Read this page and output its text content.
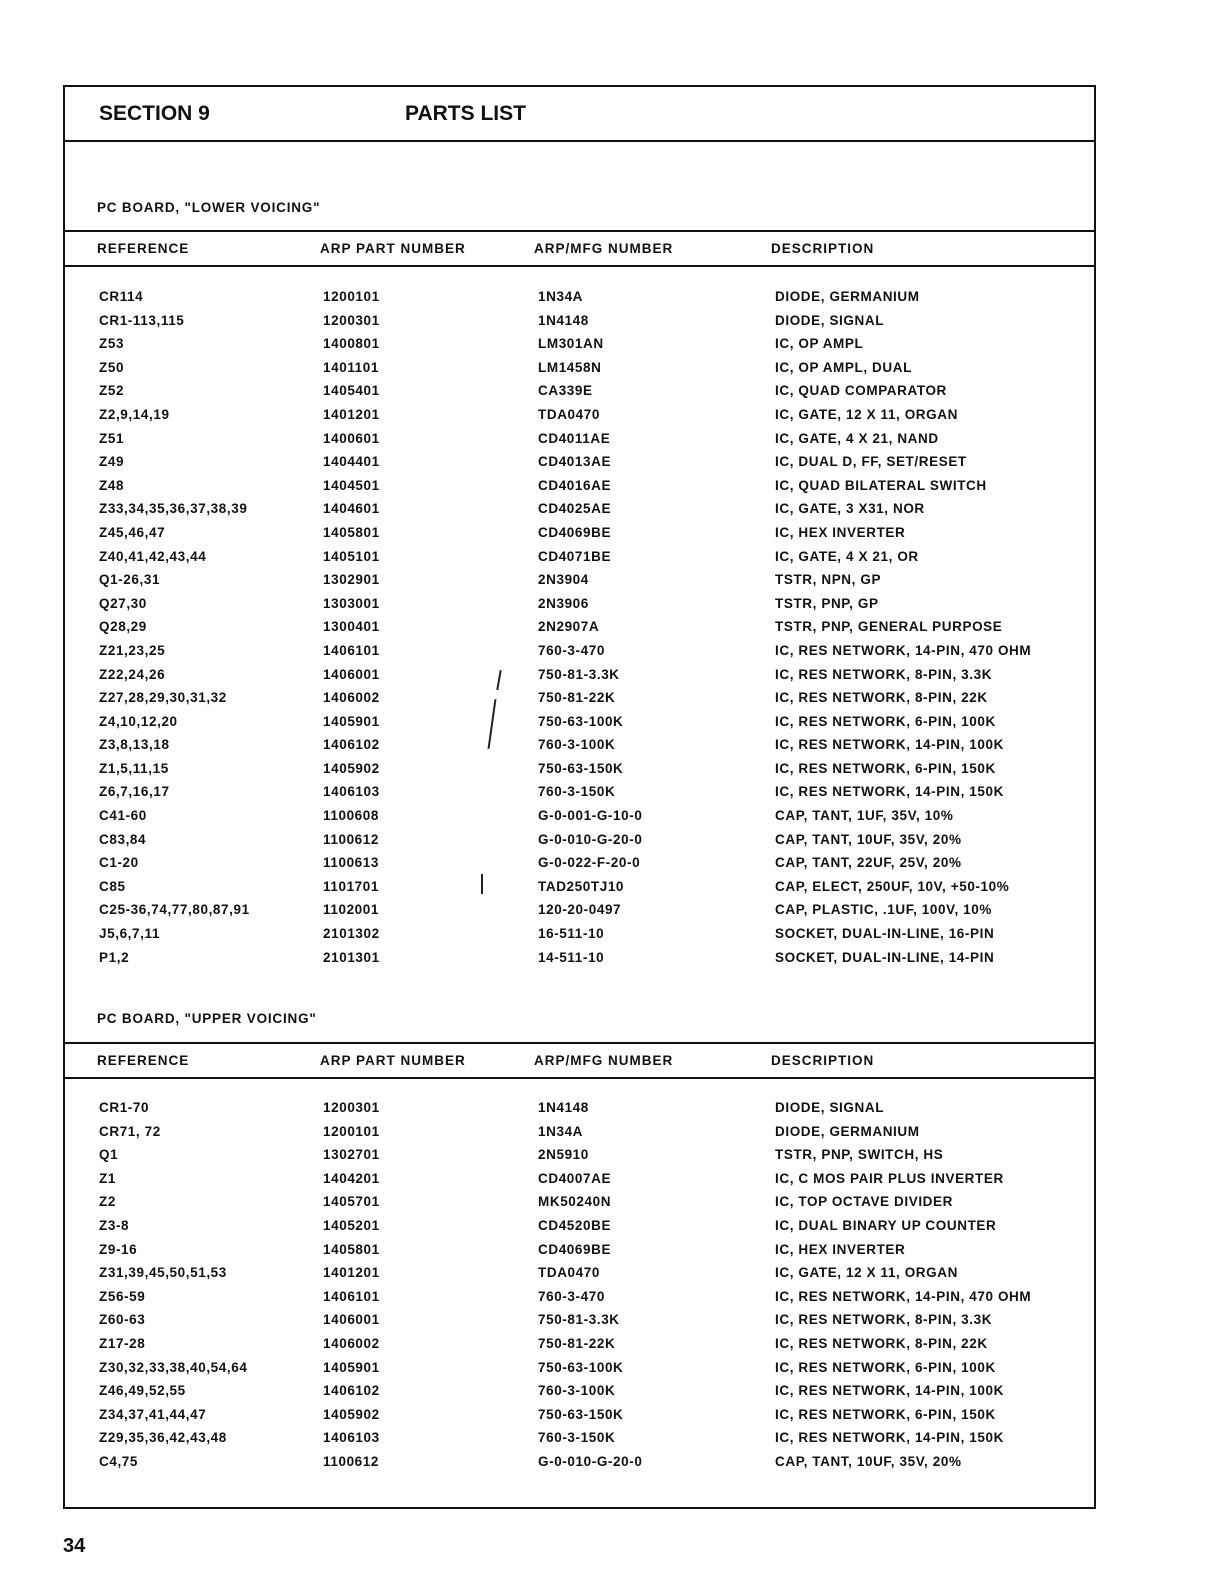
SECTION 9	PARTS LIST
PC BOARD, "LOWER VOICING"
REFERENCE	ARP PART NUMBER	ARP/MFG NUMBER	DESCRIPTION
CR114	1200101	1N34A	DIODE, GERMANIUM
CR1-113,115	1200301	1N4148	DIODE, SIGNAL
Z53	1400801	LM301AN	IC, OP AMPL
Z50	1401101	LM1458N	IC, OP AMPL, DUAL
Z52	1405401	CA339E	IC, QUAD COMPARATOR
Z2,9,14,19	1401201	TDA0470	IC, GATE, 12 X 11, ORGAN
Z51	1400601	CD4011AE	IC, GATE, 4 X 21, NAND
Z49	1404401	CD4013AE	IC, DUAL D, FF, SET/RESET
Z48	1404501	CD4016AE	IC, QUAD BILATERAL SWITCH
Z33,34,35,36,37,38,39	1404601	CD4025AE	IC, GATE, 3 X31, NOR
Z45,46,47	1405801	CD4069BE	IC, HEX INVERTER
Z40,41,42,43,44	1405101	CD4071BE	IC, GATE, 4 X 21, OR
Q1-26,31	1302901	2N3904	TSTR, NPN, GP
Q27,30	1303001	2N3906	TSTR, PNP, GP
Q28,29	1300401	2N2907A	TSTR, PNP, GENERAL PURPOSE
Z21,23,25	1406101	760-3-470	IC, RES NETWORK, 14-PIN, 470 OHM
Z22,24,26	1406001	750-81-3.3K	IC, RES NETWORK, 8-PIN, 3.3K
Z27,28,29,30,31,32	1406002	750-81-22K	IC, RES NETWORK, 8-PIN, 22K
Z4,10,12,20	1405901	750-63-100K	IC, RES NETWORK, 6-PIN, 100K
Z3,8,13,18	1406102	760-3-100K	IC, RES NETWORK, 14-PIN, 100K
Z1,5,11,15	1405902	750-63-150K	IC, RES NETWORK, 6-PIN, 150K
Z6,7,16,17	1406103	760-3-150K	IC, RES NETWORK, 14-PIN, 150K
C41-60	1100608	G-0-001-G-10-0	CAP, TANT, 1UF, 35V, 10%
C83,84	1100612	G-0-010-G-20-0	CAP, TANT, 10UF, 35V, 20%
C1-20	1100613	G-0-022-F-20-0	CAP, TANT, 22UF, 25V, 20%
C85	1101701	TAD250TJ10	CAP, ELECT, 250UF, 10V, +50-10%
C25-36,74,77,80,87,91	1102001	120-20-0497	CAP, PLASTIC, .1UF, 100V, 10%
J5,6,7,11	2101302	16-511-10	SOCKET, DUAL-IN-LINE, 16-PIN
P1,2	2101301	14-511-10	SOCKET, DUAL-IN-LINE, 14-PIN
PC BOARD, "UPPER VOICING"
REFERENCE	ARP PART NUMBER	ARP/MFG NUMBER	DESCRIPTION
CR1-70	1200301	1N4148	DIODE, SIGNAL
CR71, 72	1200101	1N34A	DIODE, GERMANIUM
Q1	1302701	2N5910	TSTR, PNP, SWITCH, HS
Z1	1404201	CD4007AE	IC, C MOS PAIR PLUS INVERTER
Z2	1405701	MK50240N	IC, TOP OCTAVE DIVIDER
Z3-8	1405201	CD4520BE	IC, DUAL BINARY UP COUNTER
Z9-16	1405801	CD4069BE	IC, HEX INVERTER
Z31,39,45,50,51,53	1401201	TDA0470	IC, GATE, 12 X 11, ORGAN
Z56-59	1406101	760-3-470	IC, RES NETWORK, 14-PIN, 470 OHM
Z60-63	1406001	750-81-3.3K	IC, RES NETWORK, 8-PIN, 3.3K
Z17-28	1406002	750-81-22K	IC, RES NETWORK, 8-PIN, 22K
Z30,32,33,38,40,54,64	1405901	750-63-100K	IC, RES NETWORK, 6-PIN, 100K
Z46,49,52,55	1406102	760-3-100K	IC, RES NETWORK, 14-PIN, 100K
Z34,37,41,44,47	1405902	750-63-150K	IC, RES NETWORK, 6-PIN, 150K
Z29,35,36,42,43,48	1406103	760-3-150K	IC, RES NETWORK, 14-PIN, 150K
C4,75	1100612	G-0-010-G-20-0	CAP, TANT, 10UF, 35V, 20%
34
